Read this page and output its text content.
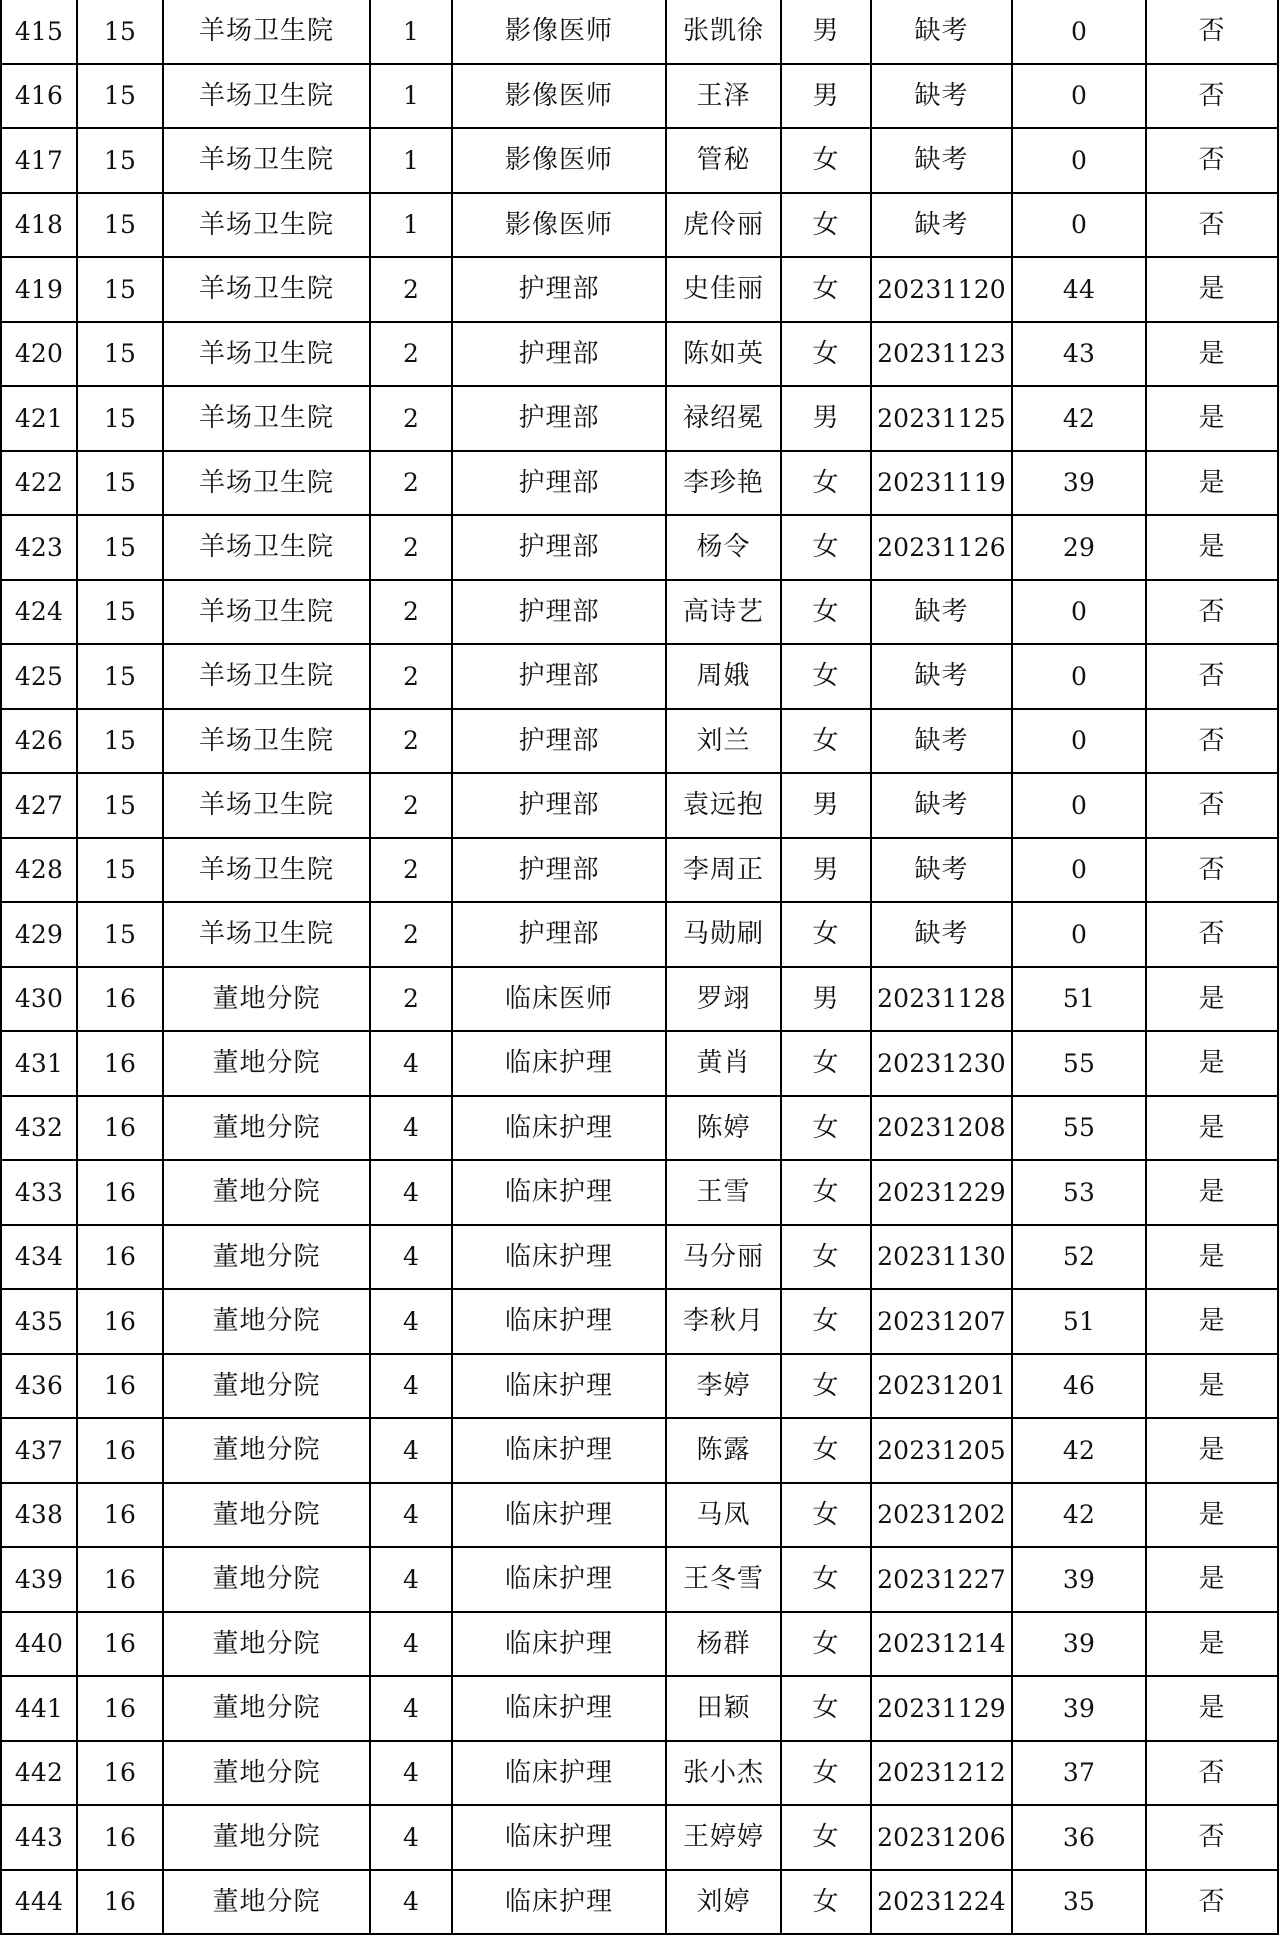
415	15	羊场卫生院	1	影像医师	张凯徐	男	缺考	0	否
416	15	羊场卫生院	1	影像医师	王泽	男	缺考	0	否
417	15	羊场卫生院	1	影像医师	管秘	女	缺考	0	否
418	15	羊场卫生院	1	影像医师	虎伶丽	女	缺考	0	否
419	15	羊场卫生院	2	护理部	史佳丽	女	20231120	44	是
420	15	羊场卫生院	2	护理部	陈如英	女	20231123	43	是
421	15	羊场卫生院	2	护理部	禄绍冕	男	20231125	42	是
422	15	羊场卫生院	2	护理部	李珍艳	女	20231119	39	是
423	15	羊场卫生院	2	护理部	杨令	女	20231126	29	是
424	15	羊场卫生院	2	护理部	高诗艺	女	缺考	0	否
425	15	羊场卫生院	2	护理部	周娥	女	缺考	0	否
426	15	羊场卫生院	2	护理部	刘兰	女	缺考	0	否
427	15	羊场卫生院	2	护理部	袁远抱	男	缺考	0	否
428	15	羊场卫生院	2	护理部	李周正	男	缺考	0	否
429	15	羊场卫生院	2	护理部	马勋刷	女	缺考	0	否
430	16	董地分院	2	临床医师	罗翊	男	20231128	51	是
431	16	董地分院	4	临床护理	黄肖	女	20231230	55	是
432	16	董地分院	4	临床护理	陈婷	女	20231208	55	是
433	16	董地分院	4	临床护理	王雪	女	20231229	53	是
434	16	董地分院	4	临床护理	马分丽	女	20231130	52	是
435	16	董地分院	4	临床护理	李秋月	女	20231207	51	是
436	16	董地分院	4	临床护理	李婷	女	20231201	46	是
437	16	董地分院	4	临床护理	陈露	女	20231205	42	是
438	16	董地分院	4	临床护理	马凤	女	20231202	42	是
439	16	董地分院	4	临床护理	王冬雪	女	20231227	39	是
440	16	董地分院	4	临床护理	杨群	女	20231214	39	是
441	16	董地分院	4	临床护理	田颖	女	20231129	39	是
442	16	董地分院	4	临床护理	张小杰	女	20231212	37	否
443	16	董地分院	4	临床护理	王婷婷	女	20231206	36	否
444	16	董地分院	4	临床护理	刘婷	女	20231224	35	否
